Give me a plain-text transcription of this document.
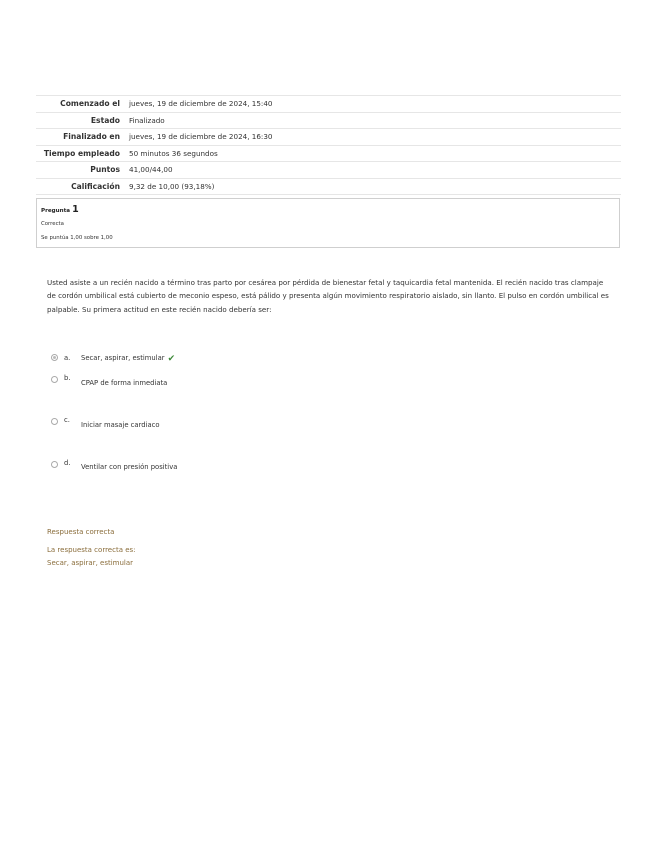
Comenzado el	jueves, 19 de diciembre de 2024, 15:40
Estado	Finalizado
Finalizado en	jueves, 19 de diciembre de 2024, 16:30
Tiempo empleado	50 minutos 36 segundos
Puntos	41,00/44,00
Calificación	9,32 de 10,00 (93,18%)
Pregunta 1
Correcta
Se puntúa 1,00 sobre 1,00

Usted asiste a un recién nacido a término tras parto por cesárea por pérdida de bienestar fetal y taquicardia fetal mantenida. El recién nacido tras clampaje de cordón umbilical está cubierto de meconio espeso, está pálido y presenta algún movimiento respiratorio aislado, sin llanto. El pulso en cordón umbilical es palpable. Su primera actitud en este recién nacido debería ser:

a. Secar, aspirar, estimular ✔
b.
CPAP de forma inmediata
c.
Iniciar masaje cardiaco
d. Ventilar con presión positiva
Respuesta correcta
La respuesta correcta es:
Secar, aspirar, estimular
